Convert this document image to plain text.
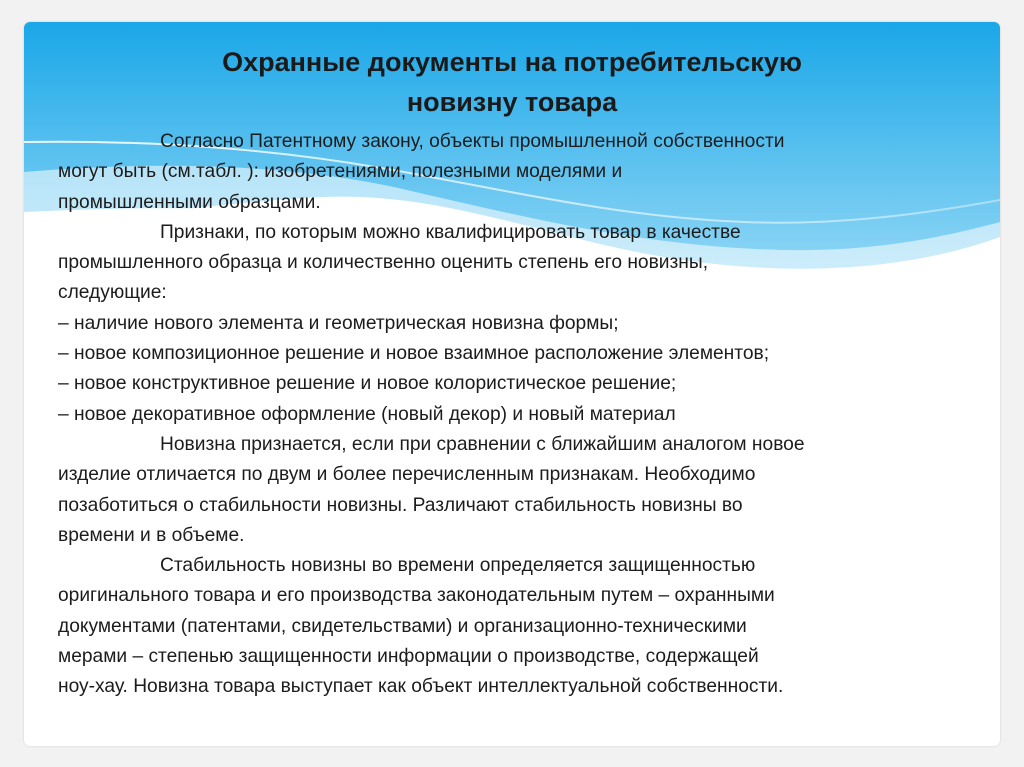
Охранные документы на потребительскую
новизну товара

Согласно Патентному закону, объекты промышленной собственности
могут быть (см.табл. ): изобретениями, полезными моделями и
промышленными образцами.

Признаки, по которым можно квалифицировать товар в качестве
промышленного образца и количественно оценить степень его новизны,
следующие:

– наличие нового элемента и геометрическая новизна формы;
– новое композиционное решение и новое взаимное расположение элементов;
– новое конструктивное решение и новое колористическое решение;
– новое декоративное оформление (новый декор) и новый материал

Новизна признается, если при сравнении с ближайшим аналогом новое
изделие отличается по двум и более перечисленным признакам. Необходимо
позаботиться о стабильности новизны. Различают стабильность новизны во
времени и в объеме.

Стабильность новизны во времени определяется защищенностью
оригинального товара и его производства законодательным путем – охранными
документами (патентами, свидетельствами) и организационно-техническими
мерами – степенью защищенности информации о производстве, содержащей
ноу-хау. Новизна товара выступает как объект интеллектуальной собственности.
